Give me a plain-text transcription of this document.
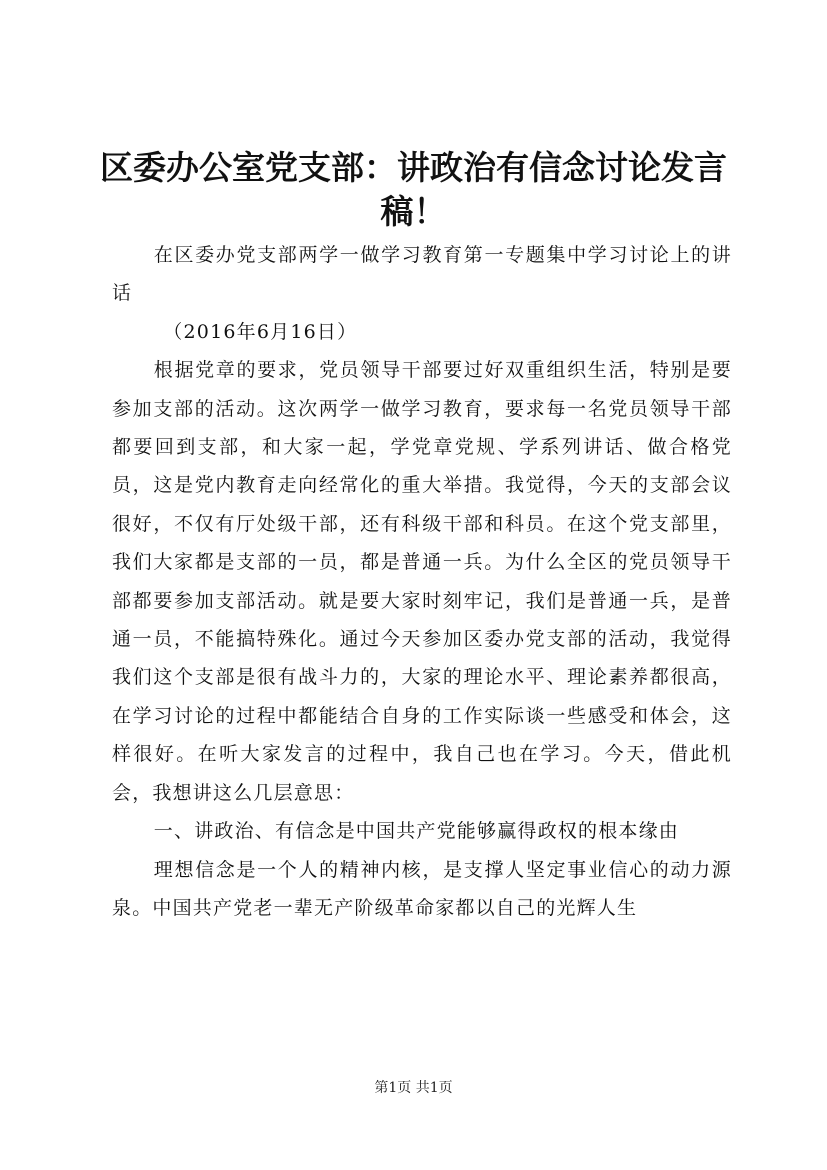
区委办公室党支部：讲政治有信念讨论发言稿！

在区委办党支部两学一做学习教育第一专题集中学习讨论上的讲话

（2016年6月16日）

根据党章的要求，党员领导干部要过好双重组织生活，特别是要参加支部的活动。这次两学一做学习教育，要求每一名党员领导干部都要回到支部，和大家一起，学党章党规、学系列讲话、做合格党员，这是党内教育走向经常化的重大举措。我觉得，今天的支部会议很好，不仅有厅处级干部，还有科级干部和科员。在这个党支部里，我们大家都是支部的一员，都是普通一兵。为什么全区的党员领导干部都要参加支部活动。就是要大家时刻牢记，我们是普通一兵，是普通一员，不能搞特殊化。通过今天参加区委办党支部的活动，我觉得我们这个支部是很有战斗力的，大家的理论水平、理论素养都很高，在学习讨论的过程中都能结合自身的工作实际谈一些感受和体会，这样很好。在听大家发言的过程中，我自己也在学习。今天，借此机会，我想讲这么几层意思：

一、讲政治、有信念是中国共产党能够赢得政权的根本缘由

理想信念是一个人的精神内核，是支撑人坚定事业信心的动力源泉。中国共产党老一辈无产阶级革命家都以自己的光辉人生

第1页 共1页
